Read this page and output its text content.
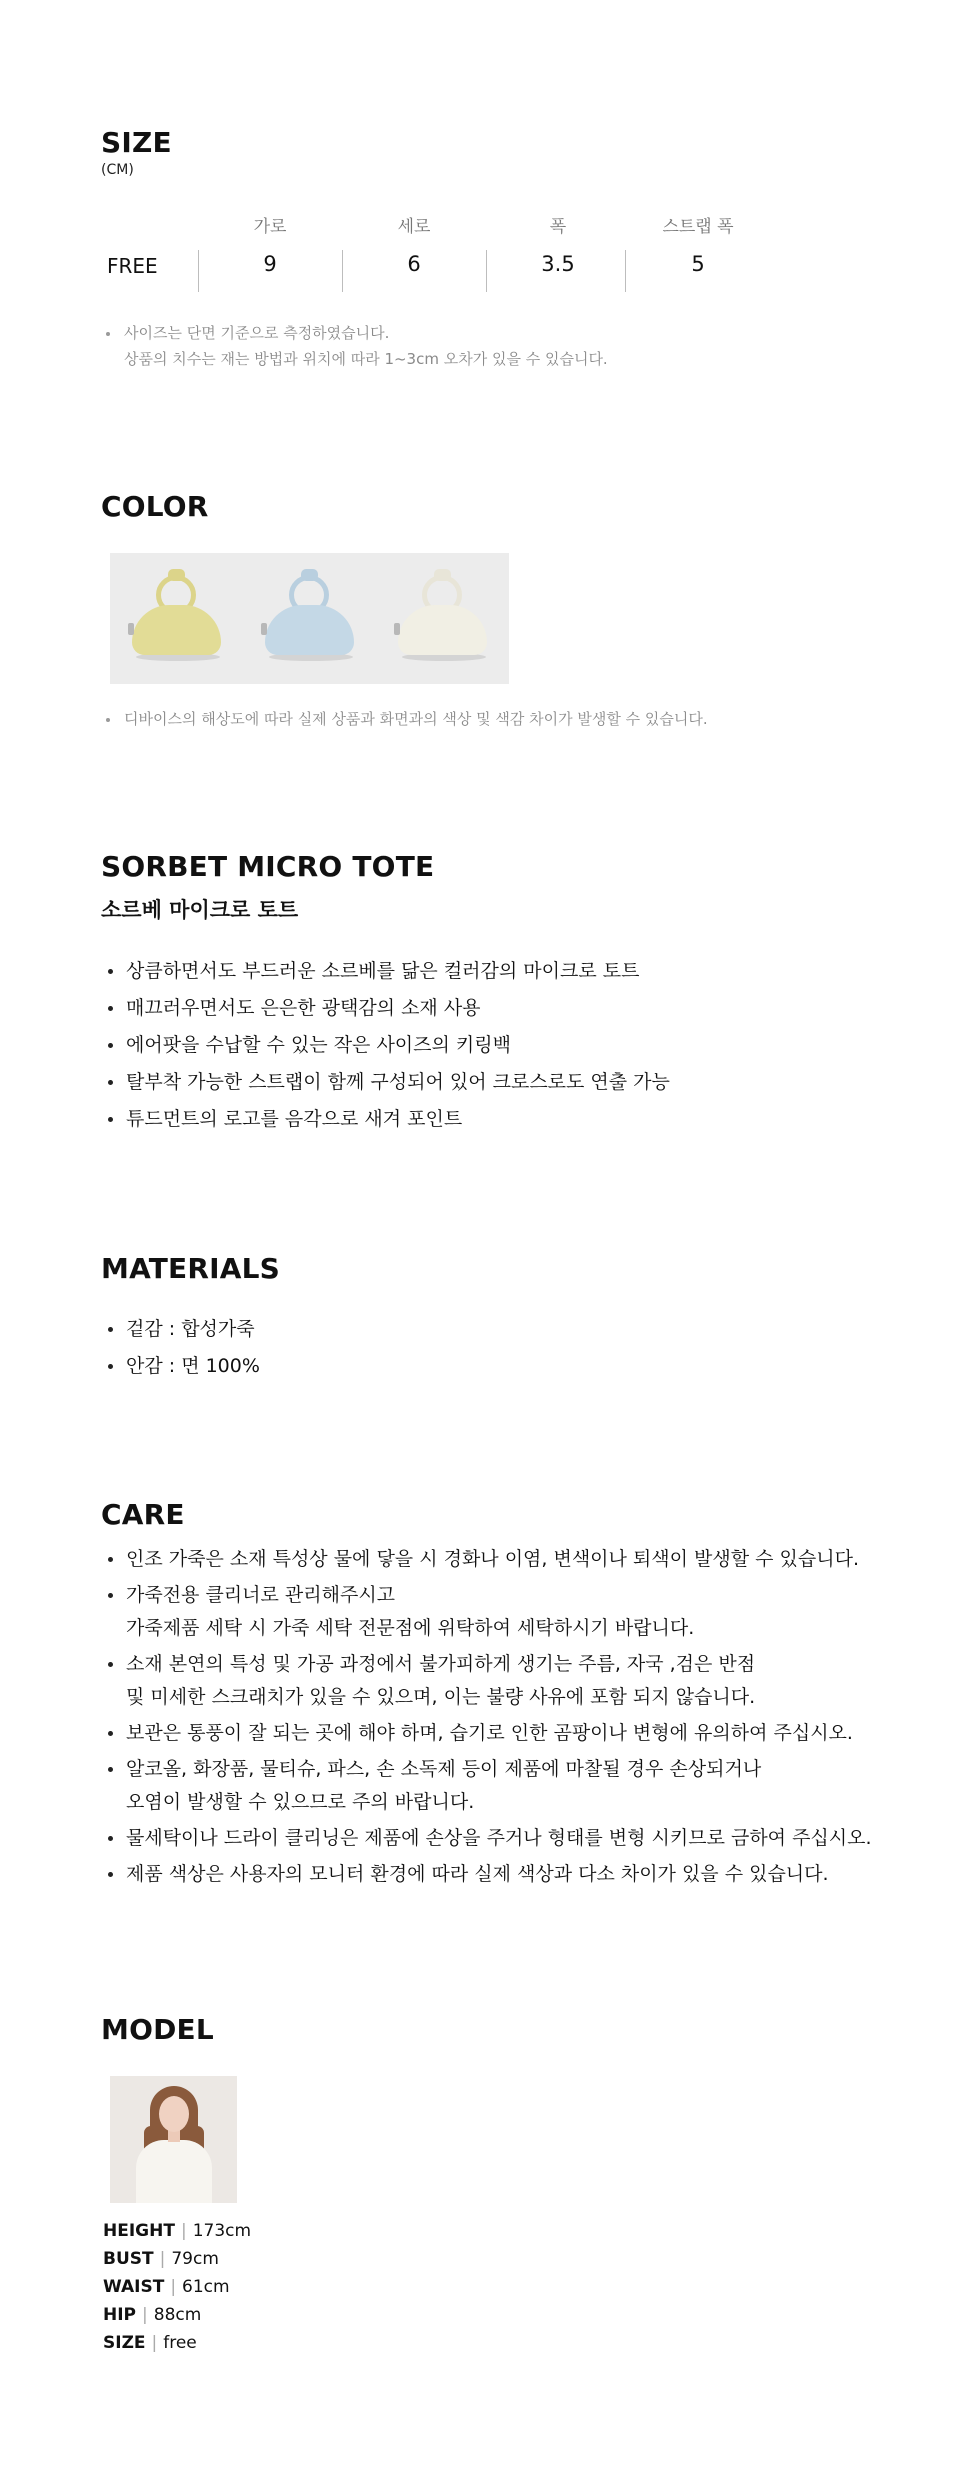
SIZE
(CM)
가로	세로	폭	스트랩 폭
FREE	9	6	3.5	5
사이즈는 단면 기준으로 측정하였습니다.
상품의 치수는 재는 방법과 위치에 따라 1~3cm 오차가 있을 수 있습니다.
COLOR
디바이스의 해상도에 따라 실제 상품과 화면과의 색상 및 색감 차이가 발생할 수 있습니다.
SORBET MICRO TOTE
소르베 마이크로 토트
상큼하면서도 부드러운 소르베를 닮은 컬러감의 마이크로 토트
매끄러우면서도 은은한 광택감의 소재 사용
에어팟을 수납할 수 있는 작은 사이즈의 키링백
탈부착 가능한 스트랩이 함께 구성되어 있어 크로스로도 연출 가능
튜드먼트의 로고를 음각으로 새겨 포인트
MATERIALS
겉감 : 합성가죽
안감 : 면 100%
CARE
인조 가죽은 소재 특성상 물에 닿을 시 경화나 이염, 변색이나 퇴색이 발생할 수 있습니다.
가죽전용 클리너로 관리해주시고
가죽제품 세탁 시 가죽 세탁 전문점에 위탁하여 세탁하시기 바랍니다.
소재 본연의 특성 및 가공 과정에서 불가피하게 생기는 주름, 자국 ,검은 반점
및 미세한 스크래치가 있을 수 있으며, 이는 불량 사유에 포함 되지 않습니다.
보관은 통풍이 잘 되는 곳에 해야 하며, 습기로 인한 곰팡이나 변형에 유의하여 주십시오.
알코올, 화장품, 물티슈, 파스, 손 소독제 등이 제품에 마찰될 경우 손상되거나
오염이 발생할 수 있으므로 주의 바랍니다.
물세탁이나 드라이 클리닝은 제품에 손상을 주거나 형태를 변형 시키므로 금하여 주십시오.
제품 색상은 사용자의 모니터 환경에 따라 실제 색상과 다소 차이가 있을 수 있습니다.
MODEL
HEIGHT | 173cm
BUST | 79cm
WAIST | 61cm
HIP | 88cm
SIZE | free
